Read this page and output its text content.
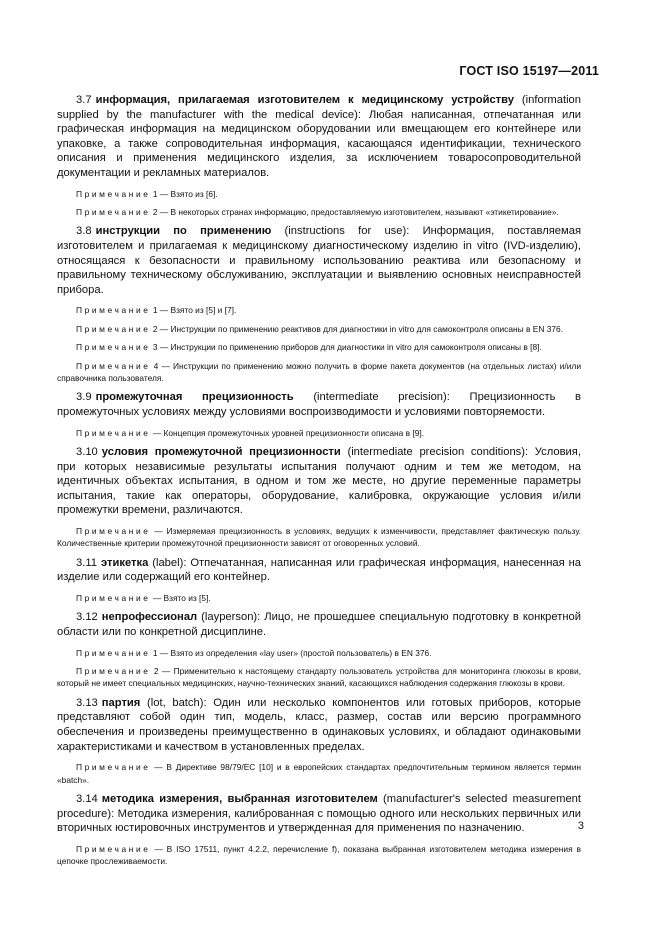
ГОСТ ISO 15197—2011

3.7 информация, прилагаемая изготовителем к медицинскому устройству (information supplied by the manufacturer with the medical device): Любая написанная, отпечатанная или графическая информация на медицинском оборудовании или вмещающем его контейнере или упаковке, а также сопроводительная информация, касающаяся идентификации, технического описания и применения медицинского изделия, за исключением товаросопроводительной документации и рекламных материалов.

Примечание 1 — Взято из [6].

Примечание 2 — В некоторых странах информацию, предоставляемую изготовителем, называют «этикетирование».

3.8 инструкции по применению (instructions for use): Информация, поставляемая изготовителем и прилагаемая к медицинскому диагностическому изделию in vitro (IVD-изделию), относящаяся к безопасности и правильному использованию реактива или безопасному и правильному техническому обслуживанию, эксплуатации и выявлению основных неисправностей прибора.

Примечание 1 — Взято из [5] и [7].

Примечание 2 — Инструкции по применению реактивов для диагностики in vitro для самоконтроля описаны в EN 376.

Примечание 3 — Инструкции по применению приборов для диагностики in vitro для самоконтроля описаны в [8].

Примечание 4 — Инструкции по применению можно получить в форме пакета документов (на отдельных листах) и/или справочника пользователя.

3.9 промежуточная прецизионность (intermediate precision): Прецизионность в промежуточных условиях между условиями воспроизводимости и условиями повторяемости.

Примечание — Концепция промежуточных уровней прецизионности описана в [9].

3.10 условия промежуточной прецизионности (intermediate precision conditions): Условия, при которых независимые результаты испытания получают одним и тем же методом, на идентичных объектах испытания, в одном и том же месте, но другие переменные параметры испытания, такие как операторы, оборудование, калибровка, окружающие условия и/или промежутки времени, различаются.

Примечание — Измеряемая прецизионность в условиях, ведущих к изменчивости, представляет фактическую пользу. Количественные критерии промежуточной прецизионности зависят от оговоренных условий.

3.11 этикетка (label): Отпечатанная, написанная или графическая информация, нанесенная на изделие или содержащий его контейнер.

Примечание — Взято из [5].

3.12 непрофессионал (layperson): Лицо, не прошедшее специальную подготовку в конкретной области или по конкретной дисциплине.

Примечание 1 — Взято из определения «lay user» (простой пользователь) в EN 376.

Примечание 2 — Применительно к настоящему стандарту пользователь устройства для мониторинга глюкозы в крови, который не имеет специальных медицинских, научно-технических знаний, касающихся наблюдения содержания глюкозы в крови.

3.13 партия (lot, batch): Один или несколько компонентов или готовых приборов, которые представляют собой один тип, модель, класс, размер, состав или версию программного обеспечения и произведены преимущественно в одинаковых условиях, и обладают одинаковыми характеристиками и качеством в установленных пределах.

Примечание — В Директиве 98/79/ЕС [10] и в европейских стандартах предпочтительным термином является термин «batch».

3.14 методика измерения, выбранная изготовителем (manufacturer's selected measurement procedure): Методика измерения, калиброванная с помощью одного или нескольких первичных или вторичных юстировочных инструментов и утвержденная для применения по назначению.

Примечание — В ISO 17511, пункт 4.2.2, перечисление f), показана выбранная изготовителем методика измерения в цепочке прослеживаемости.

3
